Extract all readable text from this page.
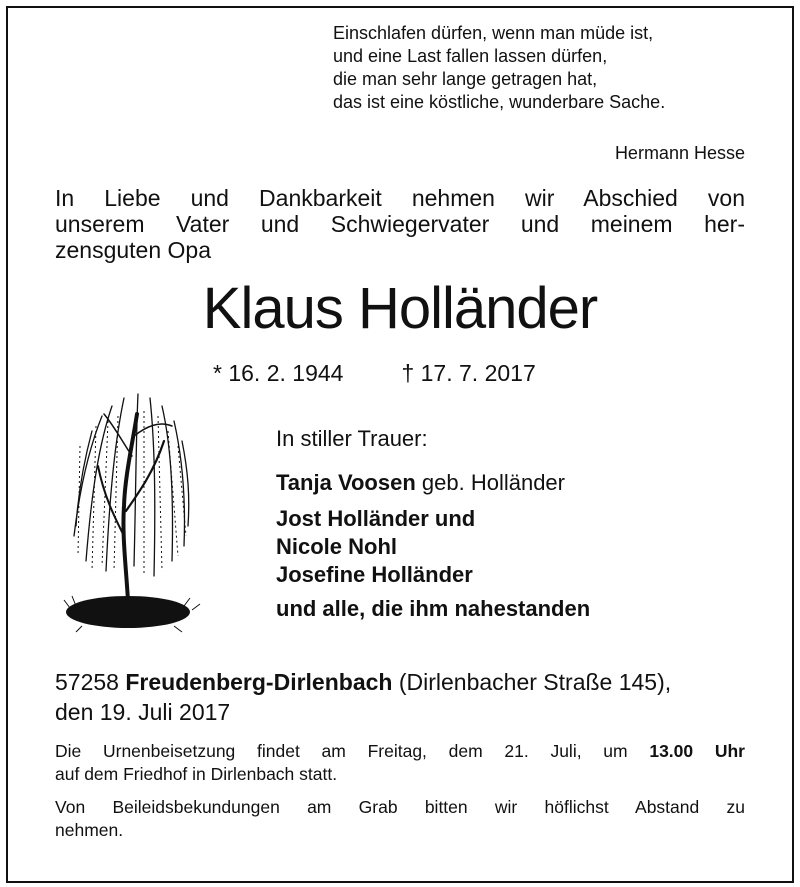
Einschlafen dürfen, wenn man müde ist,
und eine Last fallen lassen dürfen,
die man sehr lange getragen hat,
das ist eine köstliche, wunderbare Sache.
Hermann Hesse
In Liebe und Dankbarkeit nehmen wir Abschied von
unserem Vater und Schwiegervater und meinem her-
zensguten Opa
Klaus Holländer
* 16. 2. 1944	† 17. 7. 2017
In stiller Trauer:
Tanja Voosen geb. Holländer
Jost Holländer und
Nicole Nohl
Josefine Holländer
und alle, die ihm nahestanden
57258 Freudenberg-Dirlenbach (Dirlenbacher Straße 145),
den 19. Juli 2017
Die Urnenbeisetzung findet am Freitag, dem 21. Juli, um 13.00 Uhr
auf dem Friedhof in Dirlenbach statt.
Von Beileidsbekundungen am Grab bitten wir höflichst Abstand zu
nehmen.
